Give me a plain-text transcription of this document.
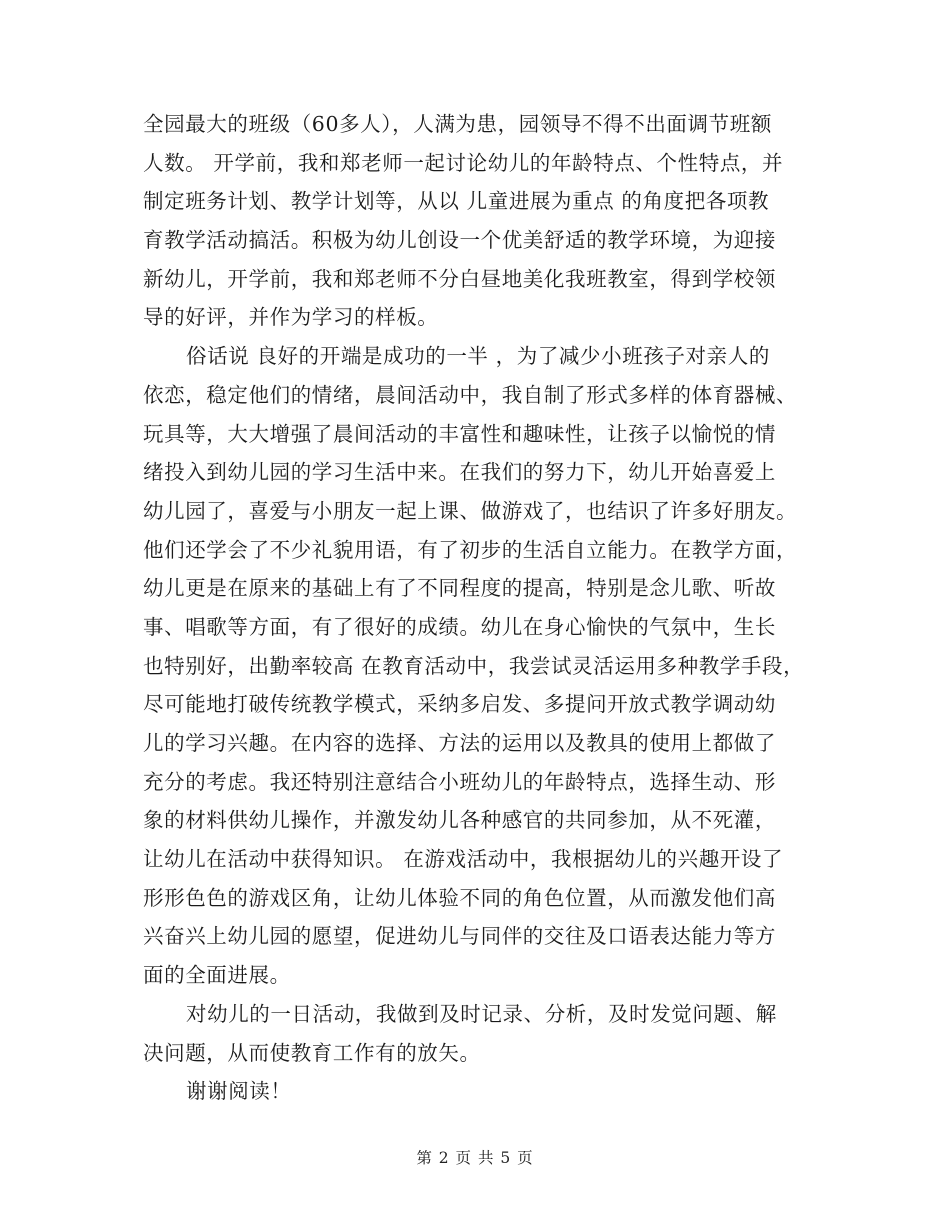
全园最大的班级（60多人），人满为患，园领导不得不出面调节班额
人数。 开学前，我和郑老师一起讨论幼儿的年龄特点、个性特点，并
制定班务计划、教学计划等，从以 儿童进展为重点 的角度把各项教
育教学活动搞活。积极为幼儿创设一个优美舒适的教学环境，为迎接
新幼儿，开学前，我和郑老师不分白昼地美化我班教室，得到学校领
导的好评，并作为学习的样板。
俗话说 良好的开端是成功的一半 ，为了减少小班孩子对亲人的
依恋，稳定他们的情绪，晨间活动中，我自制了形式多样的体育器械、
玩具等，大大增强了晨间活动的丰富性和趣味性，让孩子以愉悦的情
绪投入到幼儿园的学习生活中来。在我们的努力下，幼儿开始喜爱上
幼儿园了，喜爱与小朋友一起上课、做游戏了，也结识了许多好朋友。
他们还学会了不少礼貌用语，有了初步的生活自立能力。在教学方面，
幼儿更是在原来的基础上有了不同程度的提高，特别是念儿歌、听故
事、唱歌等方面，有了很好的成绩。幼儿在身心愉快的气氛中，生长
也特别好，出勤率较高 在教育活动中，我尝试灵活运用多种教学手段，
尽可能地打破传统教学模式，采纳多启发、多提问开放式教学调动幼
儿的学习兴趣。在内容的选择、方法的运用以及教具的使用上都做了
充分的考虑。我还特别注意结合小班幼儿的年龄特点，选择生动、形
象的材料供幼儿操作，并激发幼儿各种感官的共同参加，从不死灌，
让幼儿在活动中获得知识。 在游戏活动中，我根据幼儿的兴趣开设了
形形色色的游戏区角，让幼儿体验不同的角色位置，从而激发他们高
兴奋兴上幼儿园的愿望，促进幼儿与同伴的交往及口语表达能力等方
面的全面进展。
对幼儿的一日活动，我做到及时记录、分析，及时发觉问题、解
决问题，从而使教育工作有的放矢。
谢谢阅读！
第 2 页 共 5 页
